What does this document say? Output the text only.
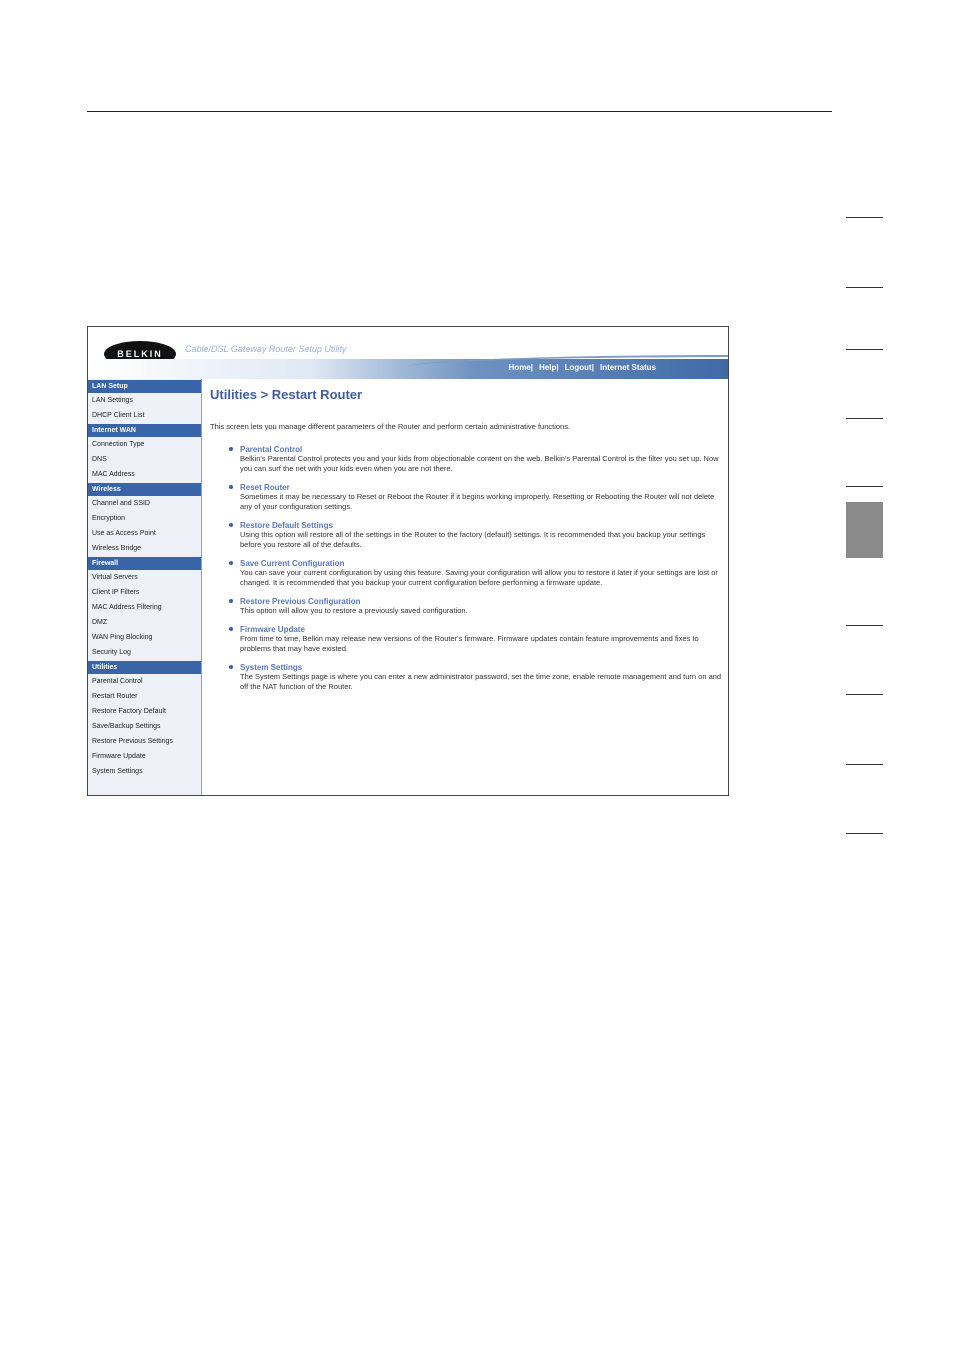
BELKIN	Cable/DSL Gateway Router Setup Utility
Home| Help| Logout| Internet Status
LAN Setup
LAN Settings
DHCP Client List
Internet WAN
Connection Type
DNS
MAC Address
Wireless
Channel and SSID
Encryption
Use as Access Point
Wireless Bridge
Firewall
Virtual Servers
Client IP Filters
MAC Address Filtering
DMZ
WAN Ping Blocking
Security Log
Utilities
Parental Control
Restart Router
Restore Factory Default
Save/Backup Settings
Restore Previous Settings
Firmware Update
System Settings
Utilities > Restart Router
This screen lets you manage different parameters of the Router and perform certain administrative functions.
Parental Control
Belkin's Parental Control protects you and your kids from objectionable content on the web. Belkin's Parental Control is the filter you set up. Now you can surf the net with your kids even when you are not there.
Reset Router
Sometimes it may be necessary to Reset or Reboot the Router if it begins working improperly. Resetting or Rebooting the Router will not delete any of your configuration settings.
Restore Default Settings
Using this option will restore all of the settings in the Router to the factory (default) settings. It is recommended that you backup your settings before you restore all of the defaults.
Save Current Configuration
You can save your current configuration by using this feature. Saving your configuration will allow you to restore it later if your settings are lost or changed. It is recommended that you backup your current configuration before performing a firmware update.
Restore Previous Configuration
This option will allow you to restore a previously saved configuration.
Firmware Update
From time to time, Belkin may release new versions of the Router's firmware. Firmware updates contain feature improvements and fixes to problems that may have existed.
System Settings
The System Settings page is where you can enter a new administrator password, set the time zone, enable remote management and turn on and off the NAT function of the Router.
